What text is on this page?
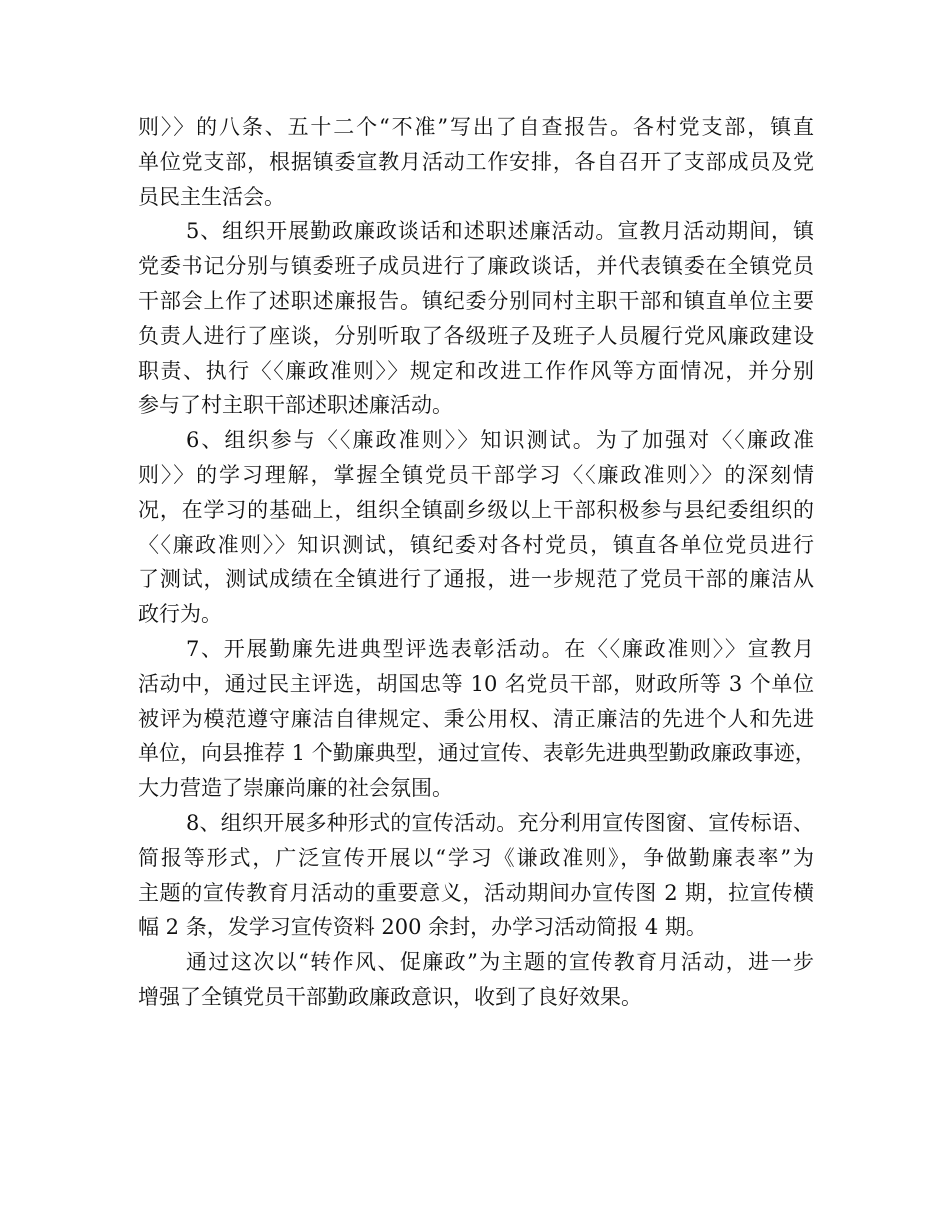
则〉〉的八条、五十二个“不准”写出了自查报告。各村党支部，镇直
单位党支部，根据镇委宣教月活动工作安排，各自召开了支部成员及党
员民主生活会。
5、组织开展勤政廉政谈话和述职述廉活动。宣教月活动期间，镇
党委书记分别与镇委班子成员进行了廉政谈话，并代表镇委在全镇党员
干部会上作了述职述廉报告。镇纪委分别同村主职干部和镇直单位主要
负责人进行了座谈，分别听取了各级班子及班子人员履行党风廉政建设
职责、执行〈〈廉政准则〉〉规定和改进工作作风等方面情况，并分别
参与了村主职干部述职述廉活动。
6、组织参与〈〈廉政准则〉〉知识测试。为了加强对〈〈廉政准
则〉〉的学习理解，掌握全镇党员干部学习〈〈廉政准则〉〉的深刻情
况，在学习的基础上，组织全镇副乡级以上干部积极参与县纪委组织的
〈〈廉政准则〉〉知识测试，镇纪委对各村党员，镇直各单位党员进行
了测试，测试成绩在全镇进行了通报，进一步规范了党员干部的廉洁从
政行为。
7、开展勤廉先进典型评选表彰活动。在〈〈廉政准则〉〉宣教月
活动中，通过民主评选，胡国忠等 10 名党员干部，财政所等 3 个单位
被评为模范遵守廉洁自律规定、秉公用权、清正廉洁的先进个人和先进
单位，向县推荐 1 个勤廉典型，通过宣传、表彰先进典型勤政廉政事迹，
大力营造了崇廉尚廉的社会氛围。
8、组织开展多种形式的宣传活动。充分利用宣传图窗、宣传标语、
简报等形式，广泛宣传开展以“学习《谦政准则》，争做勤廉表率”为
主题的宣传教育月活动的重要意义，活动期间办宣传图 2 期，拉宣传横
幅 2 条，发学习宣传资料 200 余封，办学习活动简报 4 期。
通过这次以“转作风、促廉政”为主题的宣传教育月活动，进一步
增强了全镇党员干部勤政廉政意识，收到了良好效果。
